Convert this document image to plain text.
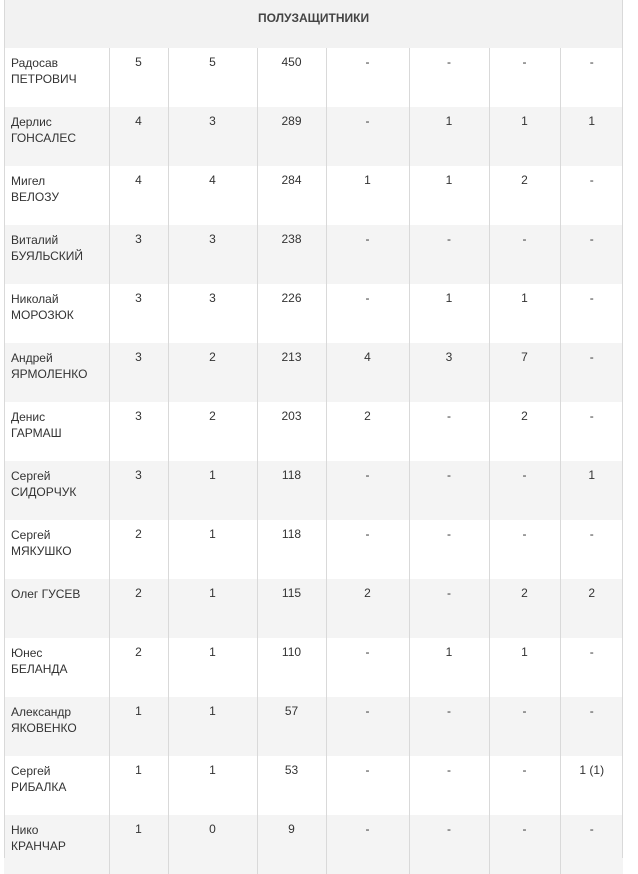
ПОЛУЗАЩИТНИКИ							

Радосав
ПЕТРОВИЧ	5	5	450	-	-	-	-

Дерлис
ГОНСАЛЕС	4	3	289	-	1	1	1

Мигел
ВЕЛОЗУ	4	4	284	1	1	2	-

Виталий
БУЯЛЬСКИЙ	3	3	238	-	-	-	-

Николай
МОРОЗЮК	3	3	226	-	1	1	-

Андрей
ЯРМОЛЕНКО	3	2	213	4	3	7	-

Денис
ГАРМАШ	3	2	203	2	-	2	-

Сергей
СИДОРЧУК	3	1	118	-	-	-	1

Сергей
МЯКУШКО	2	1	118	-	-	-	-

Олег ГУСЕВ	2	1	115	2	-	2	2

Юнес
БЕЛАНДА	2	1	110	-	1	1	-

Александр
ЯКОВЕНКО	1	1	57	-	-	-	-

Сергей
РИБАЛКА	1	1	53	-	-	-	1 (1)

Нико
КРАНЧАР	1	0	9	-	-	-	-
